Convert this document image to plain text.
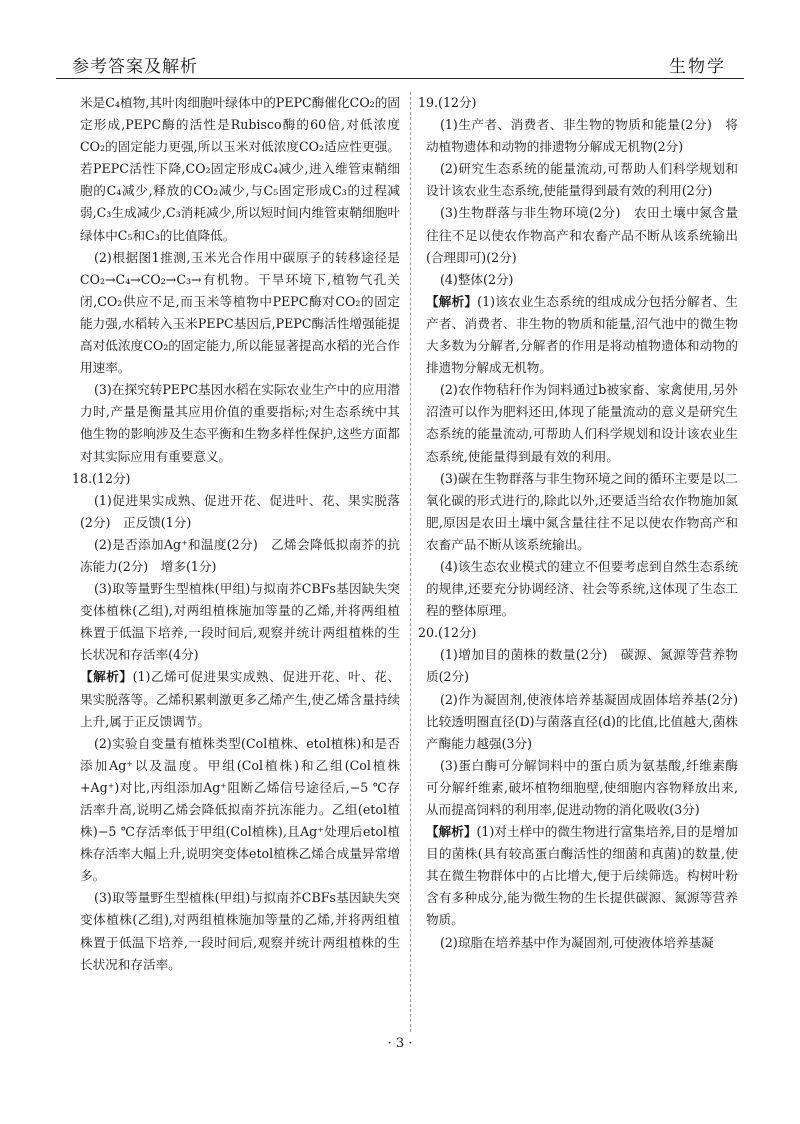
参考答案及解析	生物学

米是C₄植物,其叶肉细胞叶绿体中的PEPC酶催化CO₂的固定形成,PEPC酶的活性是Rubisco酶的60倍,对低浓度CO₂的固定能力更强,所以玉米对低浓度CO₂适应性更强。若PEPC活性下降,CO₂固定形成C₄减少,进入维管束鞘细胞的C₄减少,释放的CO₂减少,与C₅固定形成C₃的过程减弱,C₃生成减少,C₃消耗减少,所以短时间内维管束鞘细胞叶绿体中C₅和C₃的比值降低。

(2)根据图1推测,玉米光合作用中碳原子的转移途径是CO₂→C₄→CO₂→C₃→有机物。干旱环境下,植物气孔关闭,CO₂供应不足,而玉米等植物中PEPC酶对CO₂的固定能力强,水稻转入玉米PEPC基因后,PEPC酶活性增强能提高对低浓度CO₂的固定能力,所以能显著提高水稻的光合作用速率。

(3)在探究转PEPC基因水稻在实际农业生产中的应用潜力时,产量是衡量其应用价值的重要指标;对生态系统中其他生物的影响涉及生态平衡和生物多样性保护,这些方面都对其实际应用有重要意义。

18.(12分)

(1)促进果实成熟、促进开花、促进叶、花、果实脱落(2分)　正反馈(1分)

(2)是否添加Ag⁺和温度(2分)　乙烯会降低拟南芥的抗冻能力(2分)　增多(1分)

(3)取等量野生型植株(甲组)与拟南芥CBFs基因缺失突变体植株(乙组),对两组植株施加等量的乙烯,并将两组植株置于低温下培养,一段时间后,观察并统计两组植株的生长状况和存活率(4分)

【解析】(1)乙烯可促进果实成熟、促进开花、叶、花、果实脱落等。乙烯积累刺激更多乙烯产生,使乙烯含量持续上升,属于正反馈调节。

(2)实验自变量有植株类型(Col植株、etol植株)和是否添加Ag⁺以及温度。甲组(Col植株)和乙组(Col植株+Ag⁺)对比,丙组添加Ag⁺阻断乙烯信号途径后,−5 ℃存活率升高,说明乙烯会降低拟南芥抗冻能力。乙组(etol植株)−5 ℃存活率低于甲组(Col植株),且Ag⁺处理后etol植株存活率大幅上升,说明突变体etol植株乙烯合成量异常增多。

(3)取等量野生型植株(甲组)与拟南芥CBFs基因缺失突变体植株(乙组),对两组植株施加等量的乙烯,并将两组植株置于低温下培养,一段时间后,观察并统计两组植株的生长状况和存活率。

19.(12分)

(1)生产者、消费者、非生物的物质和能量(2分)　将动植物遗体和动物的排遗物分解成无机物(2分)

(2)研究生态系统的能量流动,可帮助人们科学规划和设计该农业生态系统,使能量得到最有效的利用(2分)

(3)生物群落与非生物环境(2分)　农田土壤中氮含量往往不足以使农作物高产和农畜产品不断从该系统输出(合理即可)(2分)

(4)整体(2分)

【解析】(1)该农业生态系统的组成成分包括分解者、生产者、消费者、非生物的物质和能量,沼气池中的微生物大多数为分解者,分解者的作用是将动植物遗体和动物的排遗物分解成无机物。

(2)农作物秸秆作为饲料通过b被家畜、家禽使用,另外沼渣可以作为肥料还田,体现了能量流动的意义是研究生态系统的能量流动,可帮助人们科学规划和设计该农业生态系统,使能量得到最有效的利用。

(3)碳在生物群落与非生物环境之间的循环主要是以二氧化碳的形式进行的,除此以外,还要适当给农作物施加氮肥,原因是农田土壤中氮含量往往不足以使农作物高产和农畜产品不断从该系统输出。

(4)该生态农业模式的建立不但要考虑到自然生态系统的规律,还要充分协调经济、社会等系统,这体现了生态工程的整体原理。

20.(12分)

(1)增加目的菌株的数量(2分)　碳源、氮源等营养物质(2分)

(2)作为凝固剂,使液体培养基凝固成固体培养基(2分)　比较透明圈直径(D)与菌落直径(d)的比值,比值越大,菌株产酶能力越强(3分)

(3)蛋白酶可分解饲料中的蛋白质为氨基酸,纤维素酶可分解纤维素,破坏植物细胞壁,使细胞内容物释放出来,从而提高饲料的利用率,促进动物的消化吸收(3分)

【解析】(1)对土样中的微生物进行富集培养,目的是增加目的菌株(具有较高蛋白酶活性的细菌和真菌)的数量,使其在微生物群体中的占比增大,便于后续筛选。构树叶粉含有多种成分,能为微生物的生长提供碳源、氮源等营养物质。

(2)琼脂在培养基中作为凝固剂,可使液体培养基凝

· 3 ·
